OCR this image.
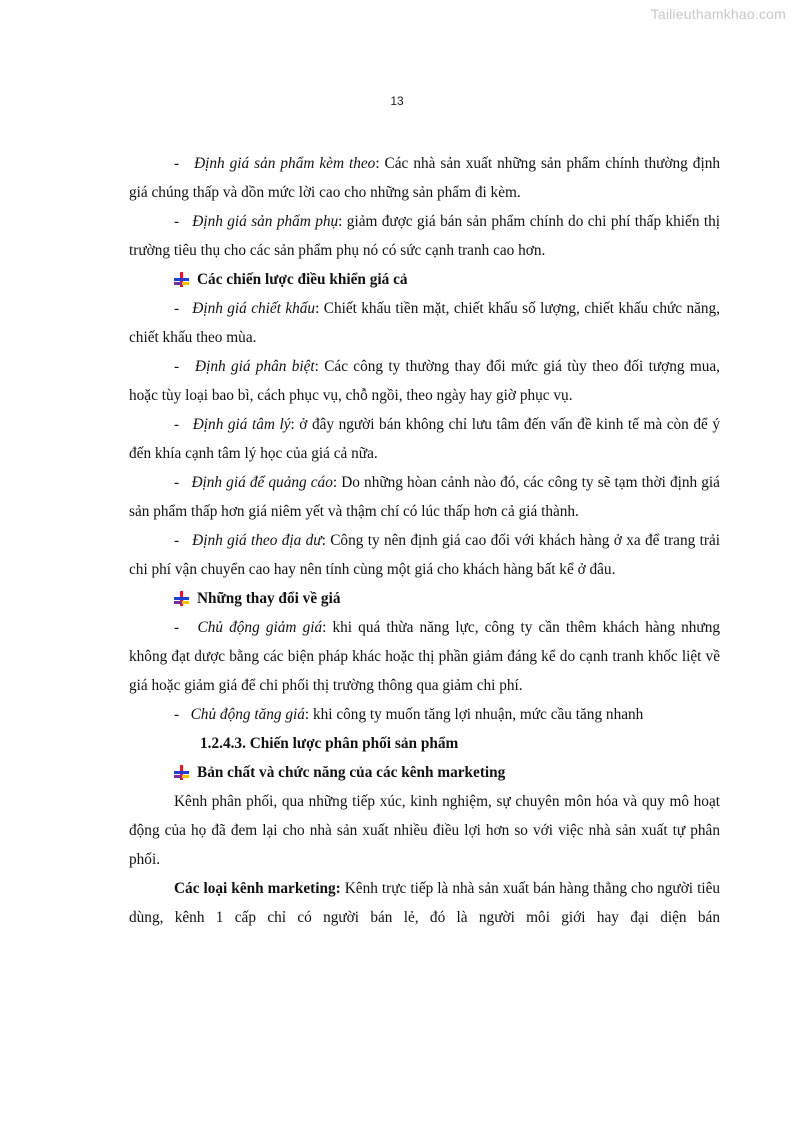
Tailieuthamkhao.com
13

- Định giá sản phẩm kèm theo: Các nhà sản xuất những sản phẩm chính thường định giá chúng thấp và dồn mức lời cao cho những sản phẩm đi kèm.

- Định giá sản phẩm phụ: giảm được giá bán sản phẩm chính do chi phí thấp khiến thị trường tiêu thụ cho các sản phẩm phụ nó có sức cạnh tranh cao hơn.

Các chiến lược điều khiển giá cả

- Định giá chiết khấu: Chiết khấu tiền mặt, chiết khấu số lượng, chiết khấu chức năng, chiết khấu theo mùa.

- Định giá phân biệt: Các công ty thường thay đổi mức giá tùy theo đối tượng mua, hoặc tùy loại bao bì, cách phục vụ, chỗ ngồi, theo ngày hay giờ phục vụ.

- Định giá tâm lý: ở đây người bán không chỉ lưu tâm đến vấn đề kinh tế mà còn để ý đến khía cạnh tâm lý học của giá cả nữa.

- Định giá để quảng cáo: Do những hòan cảnh nào đó, các công ty sẽ tạm thời định giá sản phẩm thấp hơn giá niêm yết và thậm chí có lúc thấp hơn cả giá thành.

- Định giá theo địa dư: Công ty nên định giá cao đối với khách hàng ở xa để trang trải chi phí vận chuyển cao hay nên tính cùng một giá cho khách hàng bất kể ở đâu.

Những thay đổi về giá

- Chủ động giảm giá: khi quá thừa năng lực, công ty cần thêm khách hàng nhưng không đạt dược bằng các biện pháp khác hoặc thị phần giảm đáng kể do cạnh tranh khốc liệt về giá hoặc giảm giá để chi phối thị trường thông qua giảm chi phí.

- Chủ động tăng giá: khi công ty muốn tăng lợi nhuận, mức cầu tăng nhanh

1.2.4.3. Chiến lược phân phối sản phẩm

Bản chất và chức năng của các kênh marketing

Kênh phân phối, qua những tiếp xúc, kinh nghiệm, sự chuyên môn hóa và quy mô hoạt động của họ đã đem lại cho nhà sản xuất nhiều điều lợi hơn so với việc nhà sản xuất tự phân phối.

Các loại kênh marketing: Kênh trực tiếp là nhà sản xuất bán hàng thẳng cho người tiêu dùng, kênh 1 cấp chỉ có người bán lẻ, đó là người môi giới hay đại diện bán
